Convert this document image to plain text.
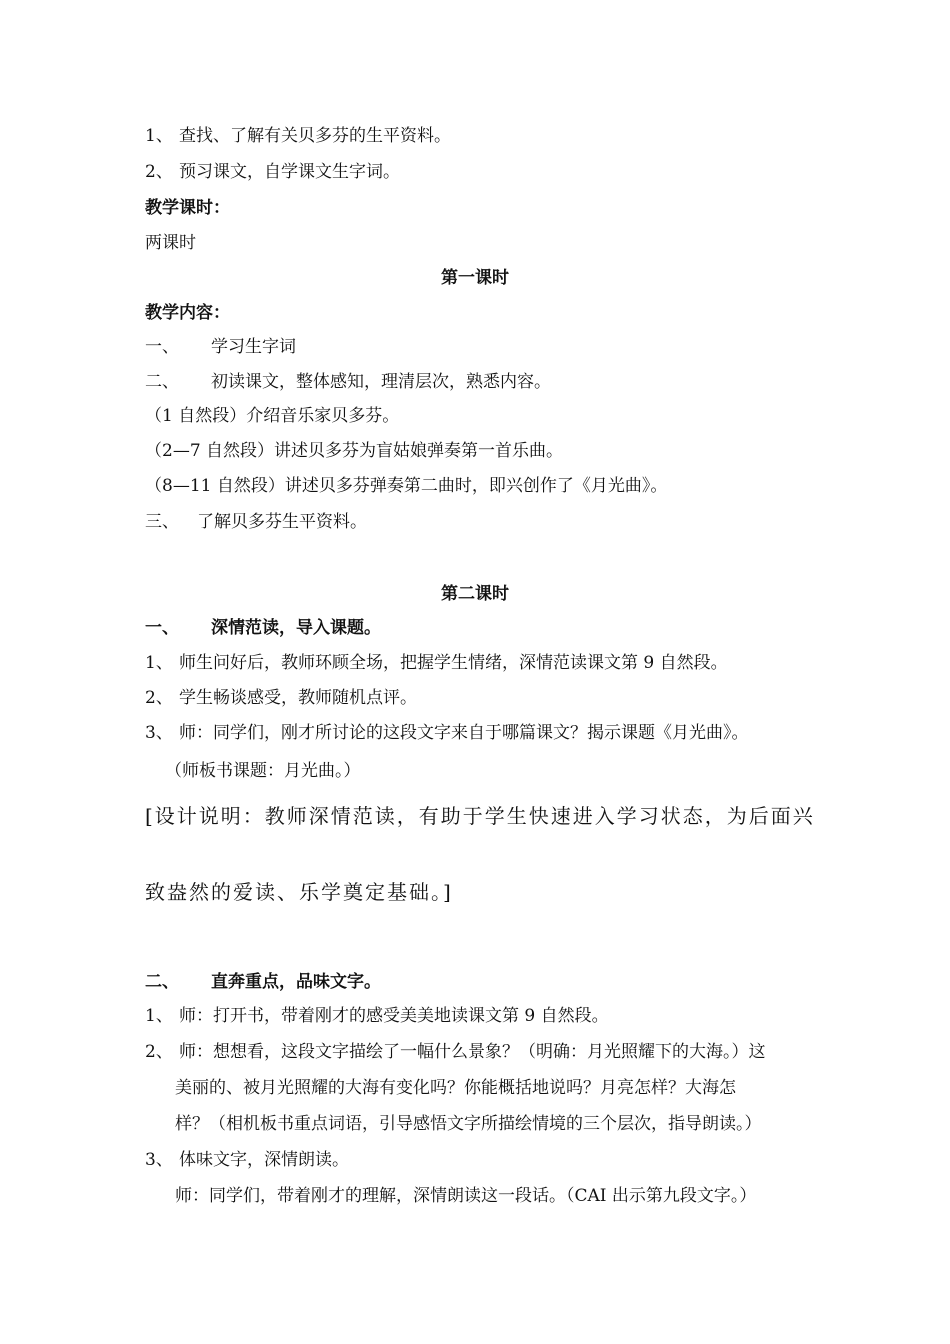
1、 查找、了解有关贝多芬的生平资料。
2、 预习课文，自学课文生字词。
教学课时：
两课时
第一课时
教学内容：
一、 学习生字词
二、 初读课文，整体感知，理清层次，熟悉内容。
（1 自然段）介绍音乐家贝多芬。
（2—7 自然段）讲述贝多芬为盲姑娘弹奏第一首乐曲。
（8—11 自然段）讲述贝多芬弹奏第二曲时，即兴创作了《月光曲》。
三、 了解贝多芬生平资料。
第二课时
一、 深情范读，导入课题。
1、 师生问好后，教师环顾全场，把握学生情绪，深情范读课文第 9 自然段。
2、 学生畅谈感受，教师随机点评。
3、 师：同学们，刚才所讨论的这段文字来自于哪篇课文？揭示课题《月光曲》。
（师板书课题：月光曲。）
[设计说明：教师深情范读，有助于学生快速进入学习状态，为后面兴
致盎然的爱读、乐学奠定基础。]
二、 直奔重点，品味文字。
1、 师：打开书，带着刚才的感受美美地读课文第 9 自然段。
2、 师：想想看，这段文字描绘了一幅什么景象？（明确：月光照耀下的大海。）这
美丽的、被月光照耀的大海有变化吗？你能概括地说吗？月亮怎样？大海怎
样？（相机板书重点词语，引导感悟文字所描绘情境的三个层次，指导朗读。）
3、 体味文字，深情朗读。
师：同学们，带着刚才的理解，深情朗读这一段话。（CAI 出示第九段文字。）
